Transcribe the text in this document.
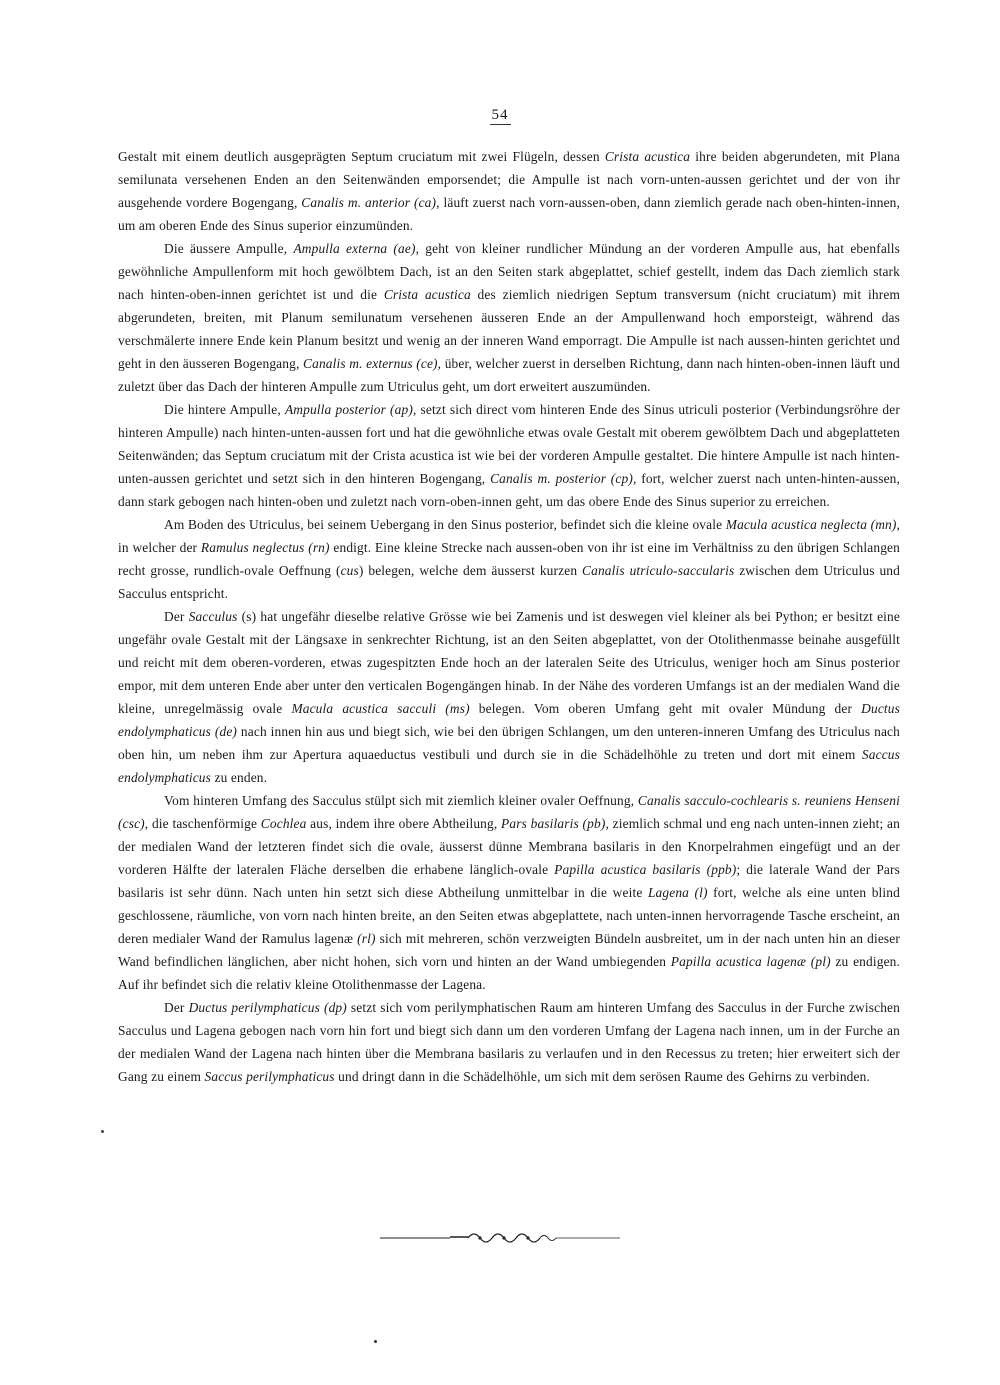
54

Gestalt mit einem deutlich ausgeprägten Septum cruciatum mit zwei Flügeln, dessen Crista acustica ihre beiden abgerundeten, mit Plana semilunata versehenen Enden an den Seitenwänden emporsendet; die Ampulle ist nach vorn-unten-aussen gerichtet und der von ihr ausgehende vordere Bogengang, Canalis m. anterior (ca), läuft zuerst nach vorn-aussen-oben, dann ziemlich gerade nach oben-hinten-innen, um am oberen Ende des Sinus superior einzumünden.

Die äussere Ampulle, Ampulla externa (ae), geht von kleiner rundlicher Mündung an der vorderen Ampulle aus, hat ebenfalls gewöhnliche Ampullenform mit hoch gewölbtem Dach, ist an den Seiten stark abgeplattet, schief gestellt, indem das Dach ziemlich stark nach hinten-oben-innen gerichtet ist und die Crista acustica des ziemlich niedrigen Septum transversum (nicht cruciatum) mit ihrem abgerundeten, breiten, mit Planum semilunatum versehenen äusseren Ende an der Ampullenwand hoch emporsteigt, während das verschmälerte innere Ende kein Planum besitzt und wenig an der inneren Wand emporragt. Die Ampulle ist nach aussen-hinten gerichtet und geht in den äusseren Bogengang, Canalis m. externus (ce), über, welcher zuerst in derselben Richtung, dann nach hinten-oben-innen läuft und zuletzt über das Dach der hinteren Ampulle zum Utriculus geht, um dort erweitert auszumünden.

Die hintere Ampulle, Ampulla posterior (ap), setzt sich direct vom hinteren Ende des Sinus utriculi posterior (Verbindungsröhre der hinteren Ampulle) nach hinten-unten-aussen fort und hat die gewöhnliche etwas ovale Gestalt mit oberem gewölbtem Dach und abgeplatteten Seitenwänden; das Septum cruciatum mit der Crista acustica ist wie bei der vorderen Ampulle gestaltet. Die hintere Ampulle ist nach hinten-unten-aussen gerichtet und setzt sich in den hinteren Bogengang, Canalis m. posterior (cp), fort, welcher zuerst nach unten-hinten-aussen, dann stark gebogen nach hinten-oben und zuletzt nach vorn-oben-innen geht, um das obere Ende des Sinus superior zu erreichen.

Am Boden des Utriculus, bei seinem Uebergang in den Sinus posterior, befindet sich die kleine ovale Macula acustica neglecta (mn), in welcher der Ramulus neglectus (rn) endigt. Eine kleine Strecke nach aussen-oben von ihr ist eine im Verhältniss zu den übrigen Schlangen recht grosse, rundlich-ovale Oeffnung (cus) belegen, welche dem äusserst kurzen Canalis utriculo-saccularis zwischen dem Utriculus und Sacculus entspricht.

Der Sacculus (s) hat ungefähr dieselbe relative Grösse wie bei Zamenis und ist deswegen viel kleiner als bei Python; er besitzt eine ungefähr ovale Gestalt mit der Längsaxe in senkrechter Richtung, ist an den Seiten abgeplattet, von der Otolithenmasse beinahe ausgefüllt und reicht mit dem oberen-vorderen, etwas zugespitzten Ende hoch an der lateralen Seite des Utriculus, weniger hoch am Sinus posterior empor, mit dem unteren Ende aber unter den verticalen Bogengängen hinab. In der Nähe des vorderen Umfangs ist an der medialen Wand die kleine, unregelmässig ovale Macula acustica sacculi (ms) belegen. Vom oberen Umfang geht mit ovaler Mündung der Ductus endolymphaticus (de) nach innen hin aus und biegt sich, wie bei den übrigen Schlangen, um den unteren-inneren Umfang des Utriculus nach oben hin, um neben ihm zur Apertura aquaeductus vestibuli und durch sie in die Schädelhöhle zu treten und dort mit einem Saccus endolymphaticus zu enden.

Vom hinteren Umfang des Sacculus stülpt sich mit ziemlich kleiner ovaler Oeffnung, Canalis sacculo-cochlearis s. reuniens Henseni (csc), die taschenförmige Cochlea aus, indem ihre obere Abtheilung, Pars basilaris (pb), ziemlich schmal und eng nach unten-innen zieht; an der medialen Wand der letzteren findet sich die ovale, äusserst dünne Membrana basilaris in den Knorpelrahmen eingefügt und an der vorderen Hälfte der lateralen Fläche derselben die erhabene länglich-ovale Papilla acustica basilaris (ppb); die laterale Wand der Pars basilaris ist sehr dünn. Nach unten hin setzt sich diese Abtheilung unmittelbar in die weite Lagena (l) fort, welche als eine unten blind geschlossene, räumliche, von vorn nach hinten breite, an den Seiten etwas abgeplattete, nach unten-innen hervorragende Tasche erscheint, an deren medialer Wand der Ramulus lagenæ (rl) sich mit mehreren, schön verzweigten Bündeln ausbreitet, um in der nach unten hin an dieser Wand befindlichen länglichen, aber nicht hohen, sich vorn und hinten an der Wand umbiegenden Papilla acustica lagenæ (pl) zu endigen. Auf ihr befindet sich die relativ kleine Otolithenmasse der Lagena.

Der Ductus perilymphaticus (dp) setzt sich vom perilymphatischen Raum am hinteren Umfang des Sacculus in der Furche zwischen Sacculus und Lagena gebogen nach vorn hin fort und biegt sich dann um den vorderen Umfang der Lagena nach innen, um in der Furche an der medialen Wand der Lagena nach hinten über die Membrana basilaris zu verlaufen und in den Recessus zu treten; hier erweitert sich der Gang zu einem Saccus perilymphaticus und dringt dann in die Schädelhöhle, um sich mit dem serösen Raume des Gehirns zu verbinden.
